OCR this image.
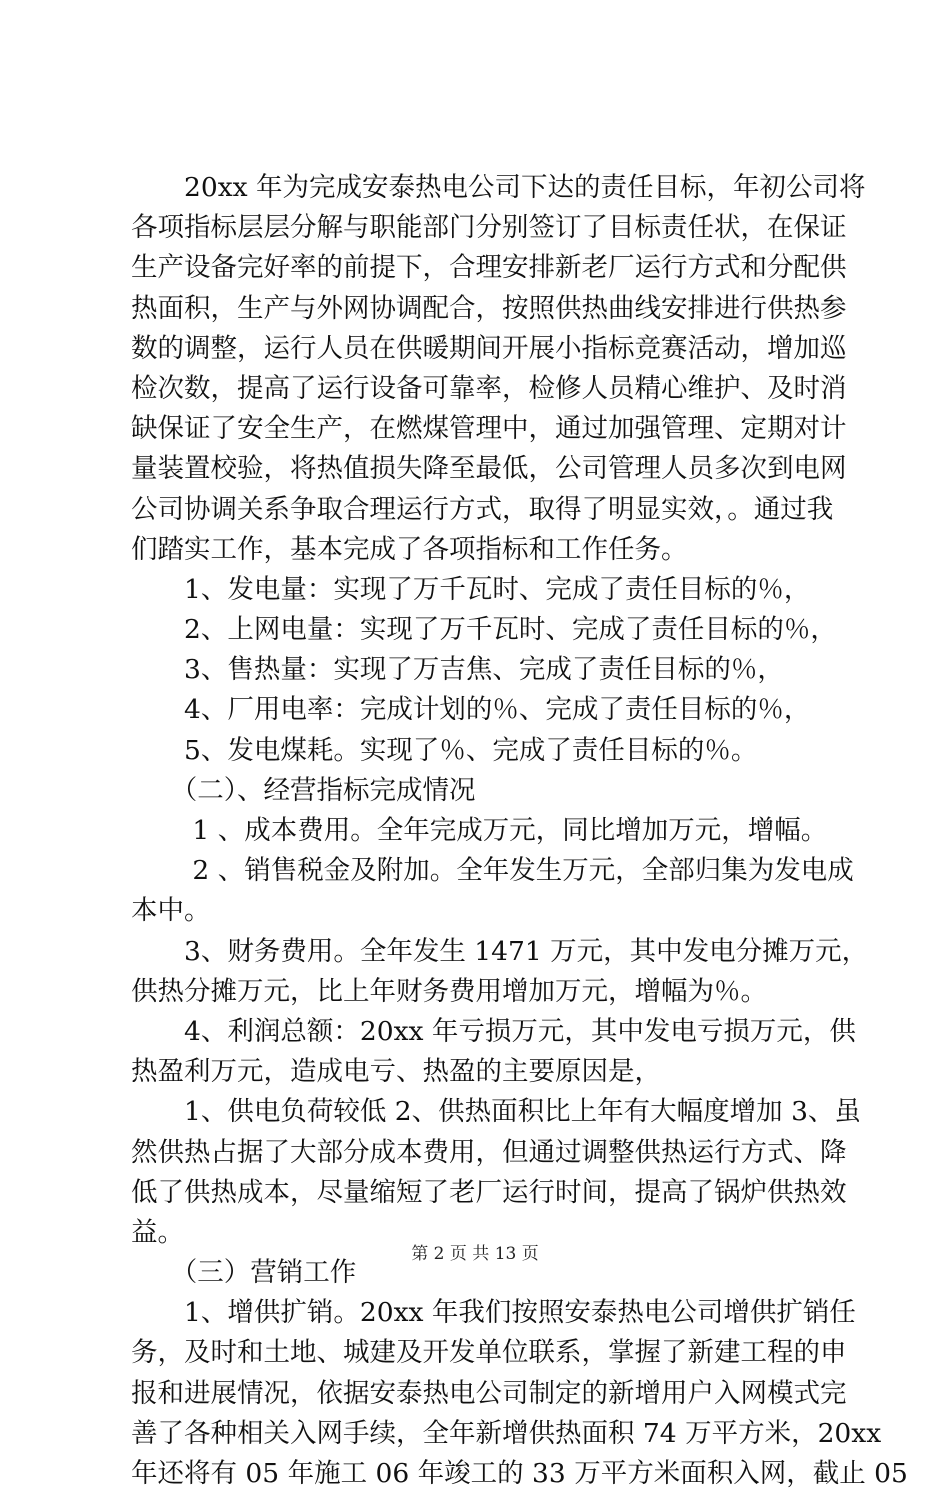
　　20xx 年为完成安泰热电公司下达的责任目标，年初公司将
各项指标层层分解与职能部门分别签订了目标责任状，在保证
生产设备完好率的前提下，合理安排新老厂运行方式和分配供
热面积，生产与外网协调配合，按照供热曲线安排进行供热参
数的调整，运行人员在供暖期间开展小指标竞赛活动，增加巡
检次数，提高了运行设备可靠率，检修人员精心维护、及时消
缺保证了安全生产，在燃煤管理中，通过加强管理、定期对计
量装置校验，将热值损失降至最低，公司管理人员多次到电网
公司协调关系争取合理运行方式，取得了明显实效，。通过我
们踏实工作，基本完成了各项指标和工作任务。
　　1、发电量：实现了万千瓦时、完成了责任目标的％，
　　2、上网电量：实现了万千瓦时、完成了责任目标的％，
　　3、售热量：实现了万吉焦、完成了责任目标的％，
　　4、厂用电率：完成计划的％、完成了责任目标的％，
　　5、发电煤耗。实现了％、完成了责任目标的％。
　　（二）、经营指标完成情况
　　 1 、成本费用。全年完成万元，同比增加万元，增幅。
　　 2 、销售税金及附加。全年发生万元，全部归集为发电成
本中。
　　3、财务费用。全年发生 1471 万元，其中发电分摊万元，
供热分摊万元，比上年财务费用增加万元，增幅为％。
　　4、利润总额：20xx 年亏损万元，其中发电亏损万元，供
热盈利万元，造成电亏、热盈的主要原因是，
　　1、供电负荷较低 2、供热面积比上年有大幅度增加 3、虽
然供热占据了大部分成本费用，但通过调整供热运行方式、降
低了供热成本，尽量缩短了老厂运行时间，提高了锅炉供热效
益。
　　（三）营销工作
　　1、增供扩销。20xx 年我们按照安泰热电公司增供扩销任
务，及时和土地、城建及开发单位联系，掌握了新建工程的申
报和进展情况，依据安泰热电公司制定的新增用户入网模式完
善了各种相关入网手续，全年新增供热面积 74 万平方米，20xx
年还将有 05 年施工 06 年竣工的 33 万平方米面积入网，截止 05
第 2 页 共 13 页
